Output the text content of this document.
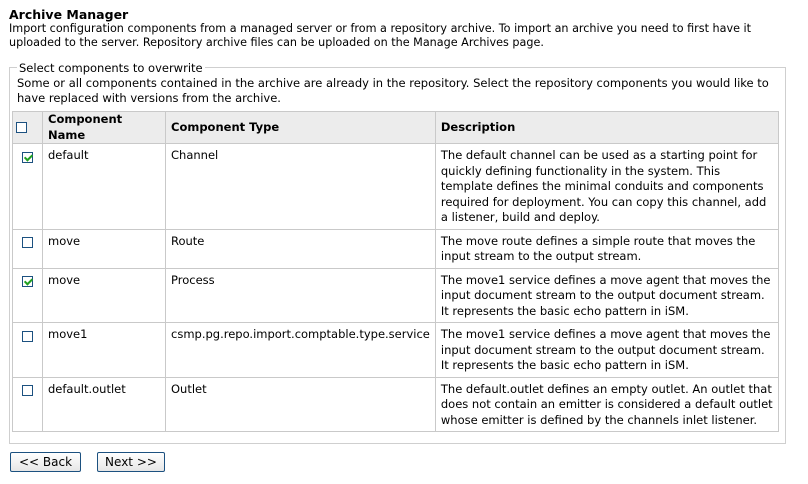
Archive Manager
Import configuration components from a managed server or from a repository archive. To import an archive you need to first have it uploaded to the server. Repository archive files can be uploaded on the Manage Archives page.
Select components to overwrite
Some or all components contained in the archive are already in the repository. Select the repository components you would like to have replaced with versions from the archive.
	Component Name	Component Type	Description
	default	Channel	The default channel can be used as a starting point for quickly defining functionality in the system. This template defines the minimal conduits and components required for deployment. You can copy this channel, add a listener, build and deploy.
	move	Route	The move route defines a simple route that moves the input stream to the output stream.
	move	Process	The move1 service defines a move agent that moves the input document stream to the output document stream. It represents the basic echo pattern in iSM.
	move1	csmp.pg.repo.import.comptable.type.service	The move1 service defines a move agent that moves the input document stream to the output document stream. It represents the basic echo pattern in iSM.
	default.outlet	Outlet	The default.outlet defines an empty outlet. An outlet that does not contain an emitter is considered a default outlet whose emitter is defined by the channels inlet listener.
<< Back	Next >>
